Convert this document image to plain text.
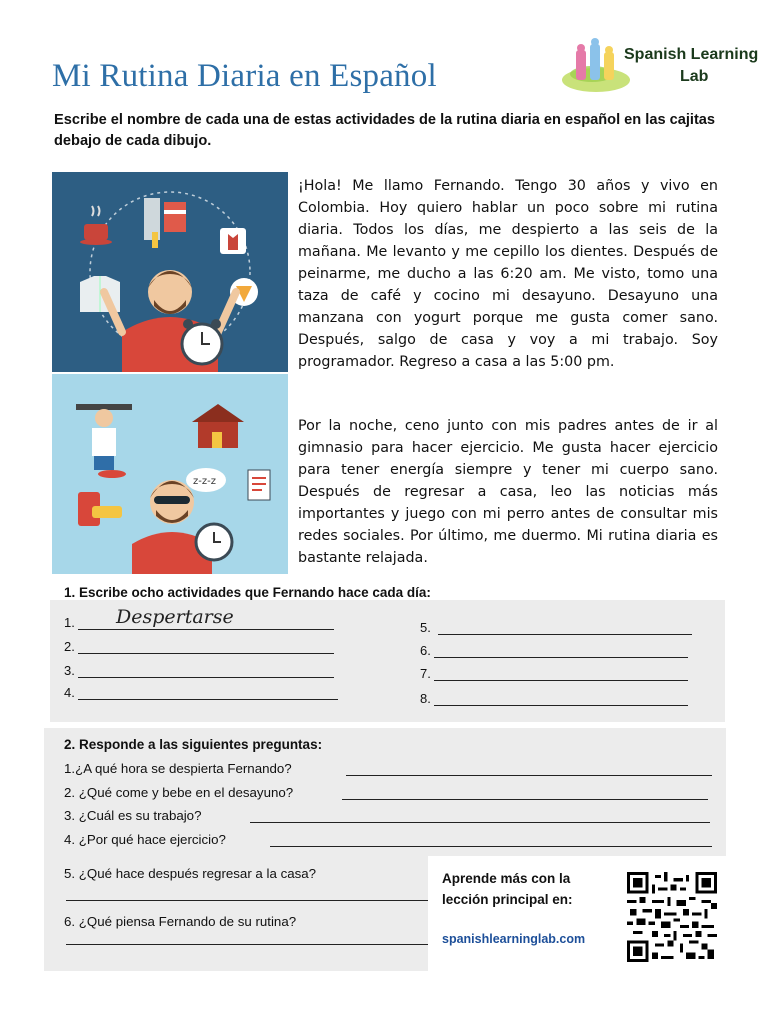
Mi Rutina Diaria en Español
Spanish Learning
Lab
Escribe el nombre de cada una de estas actividades de la rutina diaria en español en las cajitas debajo de cada dibujo.
z-z-z
¡Hola! Me llamo Fernando. Tengo 30 años y vivo en Colombia. Hoy quiero hablar un poco sobre mi rutina diaria. Todos los días, me despierto a las seis de la mañana. Me levanto y me cepillo los dientes. Después de peinarme, me ducho a las 6:20 am. Me visto, tomo una taza de café y cocino mi desayuno. Desayuno una manzana con yogurt porque me gusta comer sano. Después, salgo de casa y voy a mi trabajo. Soy programador. Regreso a casa a las 5:00 pm.
Por la noche, ceno junto con mis padres antes de ir al gimnasio para hacer ejercicio. Me gusta hacer ejercicio para tener energía siempre y tener mi cuerpo sano. Después de regresar a casa, leo las noticias más importantes y juego con mi perro antes de consultar mis redes sociales. Por último, me duermo. Mi rutina diaria es bastante relajada.
1. Escribe ocho actividades que Fernando hace cada día:
1. Despertarse
2.
3.
4.
5.
6.
7.
8.
2. Responde a las siguientes preguntas:
1.¿A qué hora se despierta Fernando?
2. ¿Qué come y bebe en el desayuno?
3. ¿Cuál es su trabajo?
4. ¿Por qué hace ejercicio?
5. ¿Qué hace después regresar a la casa?
6. ¿Qué piensa Fernando de su rutina?
Aprende más con la
lección principal en:
spanishlearninglab.com
